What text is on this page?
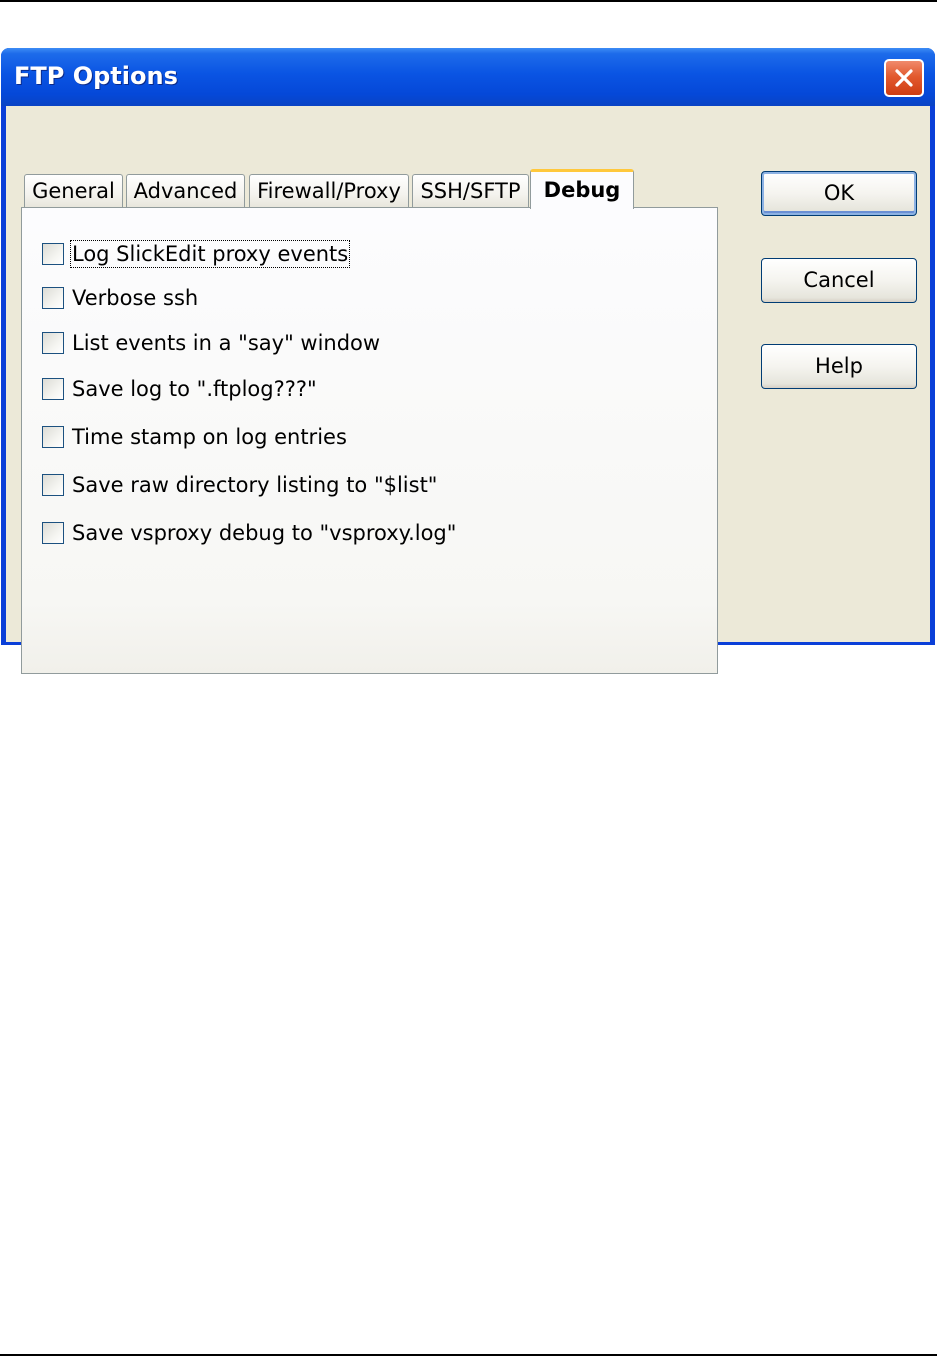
FTP Options
General Advanced Firewall/Proxy SSH/SFTP	Debug
Log SlickEdit proxy events
Verbose ssh
List events in a "say" window
Save log to ".ftplog???"
Time stamp on log entries
Save raw directory listing to "$list"
Save vsproxy debug to "vsproxy.log"
OK
Cancel
Help
